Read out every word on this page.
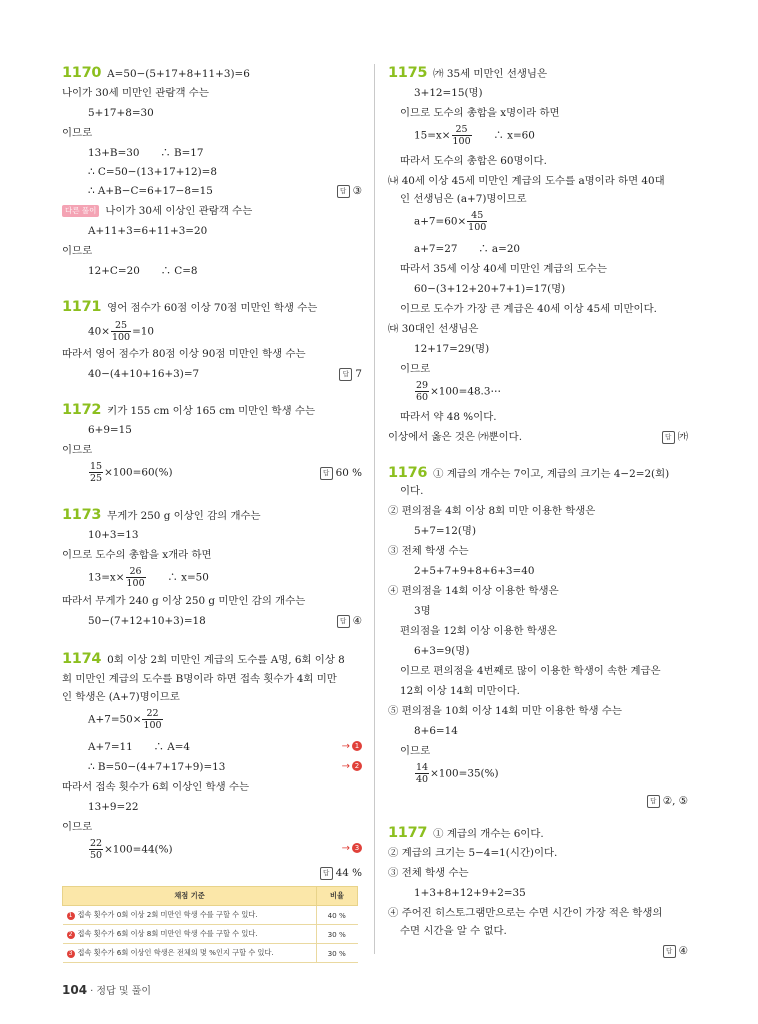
1170 A=50−(5+17+8+11+3)=6
나이가 30세 미만인 관람객 수는
5+17+8=30
이므로
13+B=30　　∴ B=17
∴ C=50−(13+17+12)=8
∴ A+B−C=6+17−8=15	답 ③
다른 풀이 나이가 30세 이상인 관람객 수는
A+11+3=6+11+3=20
이므로
12+C=20　　∴ C=8
1171 영어 점수가 60점 이상 70점 미만인 학생 수는
$40\times \frac{25}{100} =10$
따라서 영어 점수가 80점 이상 90점 미만인 학생 수는
40−(4+10+16+3)=7	답 7
1172 키가 155 cm 이상 165 cm 미만인 학생 수는
6+9=15
이므로
$\frac{15}{25} \times 100=60(\%)$	답 60 %
1173 무게가 250 g 이상인 감의 개수는
10+3=13
이므로 도수의 총합을 x개라 하면
$13=x\times \frac{26}{100}$ 　　∴ x=50
따라서 무게가 240 g 이상 250 g 미만인 감의 개수는
50−(7+12+10+3)=18	답 ④
1174 0회 이상 2회 미만인 계급의 도수를 A명, 6회 이상 8
회 미만인 계급의 도수를 B명이라 하면 접속 횟수가 4회 미만
인 학생은 (A+7)명이므로
$A+7=50\times \frac{22}{100}$
A+7=11　　∴ A=4	→ 1
∴ B=50−(4+7+17+9)=13	→ 2
따라서 접속 횟수가 6회 이상인 학생 수는
13+9=22
이므로
$\frac{22}{50} \times 100=44(\%)$	→ 3
답 44 %
채점 기준	비율
1 접속 횟수가 0회 이상 2회 미만인 학생 수를 구할 수 있다.	40 %
2 접속 횟수가 6회 이상 8회 미만인 학생 수를 구할 수 있다.	30 %
3 접속 횟수가 6회 이상인 학생은 전체의 몇 %인지 구할 수 있다.	30 %
1175 ㈎ 35세 미만인 선생님은
3+12=15(명)
이므로 도수의 총합을 x명이라 하면
$15=x\times \frac{25}{100}$ 　　∴ x=60
따라서 도수의 총합은 60명이다.
㈏ 40세 이상 45세 미만인 계급의 도수를 a명이라 하면 40대
인 선생님은 (a+7)명이므로
$a+7=60\times \frac{45}{100}$
a+7=27　　∴ a=20
따라서 35세 이상 40세 미만인 계급의 도수는
60−(3+12+20+7+1)=17(명)
이므로 도수가 가장 큰 계급은 40세 이상 45세 미만이다.
㈐ 30대인 선생님은
12+17=29(명)
이므로
$\frac{29}{60}$ ×100=48.3⋯
따라서 약 48 %이다.
이상에서 옳은 것은 ㈎뿐이다.	답 ㈎
1176 ① 계급의 개수는 7이고, 계급의 크기는 4−2=2(회)
이다.
② 편의점을 4회 이상 8회 미만 이용한 학생은
5+7=12(명)
③ 전체 학생 수는
2+5+7+9+8+6+3=40
④ 편의점을 14회 이상 이용한 학생은
3명
편의점을 12회 이상 이용한 학생은
6+3=9(명)
이므로 편의점을 4번째로 많이 이용한 학생이 속한 계급은
12회 이상 14회 미만이다.
⑤ 편의점을 10회 이상 14회 미만 이용한 학생 수는
8+6=14
이므로
$\frac{14}{40} \times 100=35(\%)$
답 ②, ⑤
1177 ① 계급의 개수는 6이다.
② 계급의 크기는 5−4=1(시간)이다.
③ 전체 학생 수는
1+3+8+12+9+2=35
④ 주어진 히스토그램만으로는 수면 시간이 가장 적은 학생의
수면 시간을 알 수 없다.
답 ④
104 · 정답 및 풀이
